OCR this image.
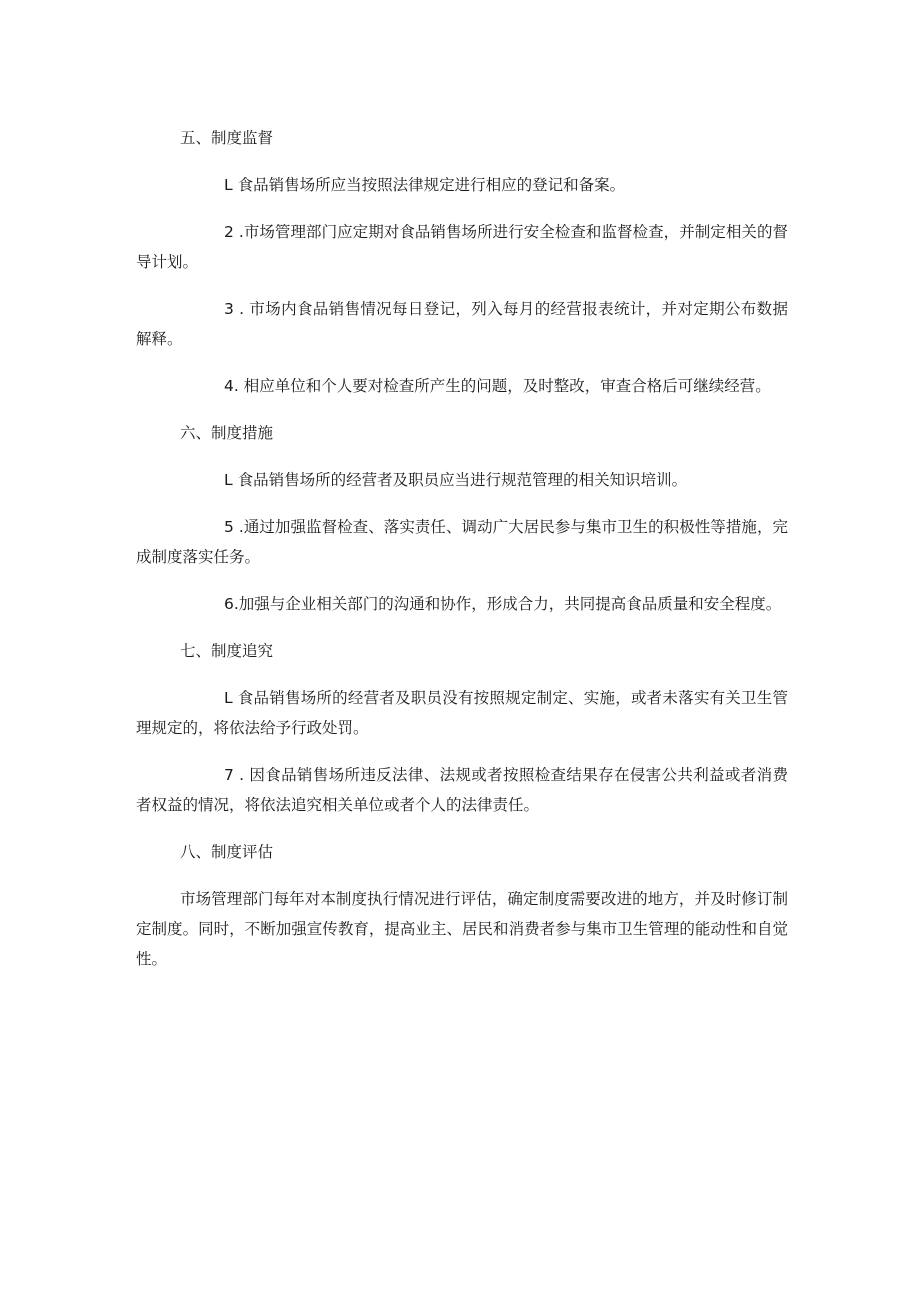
五、制度监督

L 食品销售场所应当按照法律规定进行相应的登记和备案。

2 .市场管理部门应定期对食品销售场所进行安全检查和监督检查，并制定相关的督导计划。

3 . 市场内食品销售情况每日登记，列入每月的经营报表统计，并对定期公布数据解释。

4. 相应单位和个人要对检查所产生的问题，及时整改，审查合格后可继续经营。

六、制度措施

L 食品销售场所的经营者及职员应当进行规范管理的相关知识培训。

5 .通过加强监督检查、落实责任、调动广大居民参与集市卫生的积极性等措施，完成制度落实任务。

6.加强与企业相关部门的沟通和协作，形成合力，共同提高食品质量和安全程度。

七、制度追究

L 食品销售场所的经营者及职员没有按照规定制定、实施，或者未落实有关卫生管理规定的，将依法给予行政处罚。

7 . 因食品销售场所违反法律、法规或者按照检查结果存在侵害公共利益或者消费者权益的情况，将依法追究相关单位或者个人的法律责任。

八、制度评估

市场管理部门每年对本制度执行情况进行评估，确定制度需要改进的地方，并及时修订制定制度。同时，不断加强宣传教育，提高业主、居民和消费者参与集市卫生管理的能动性和自觉性。
